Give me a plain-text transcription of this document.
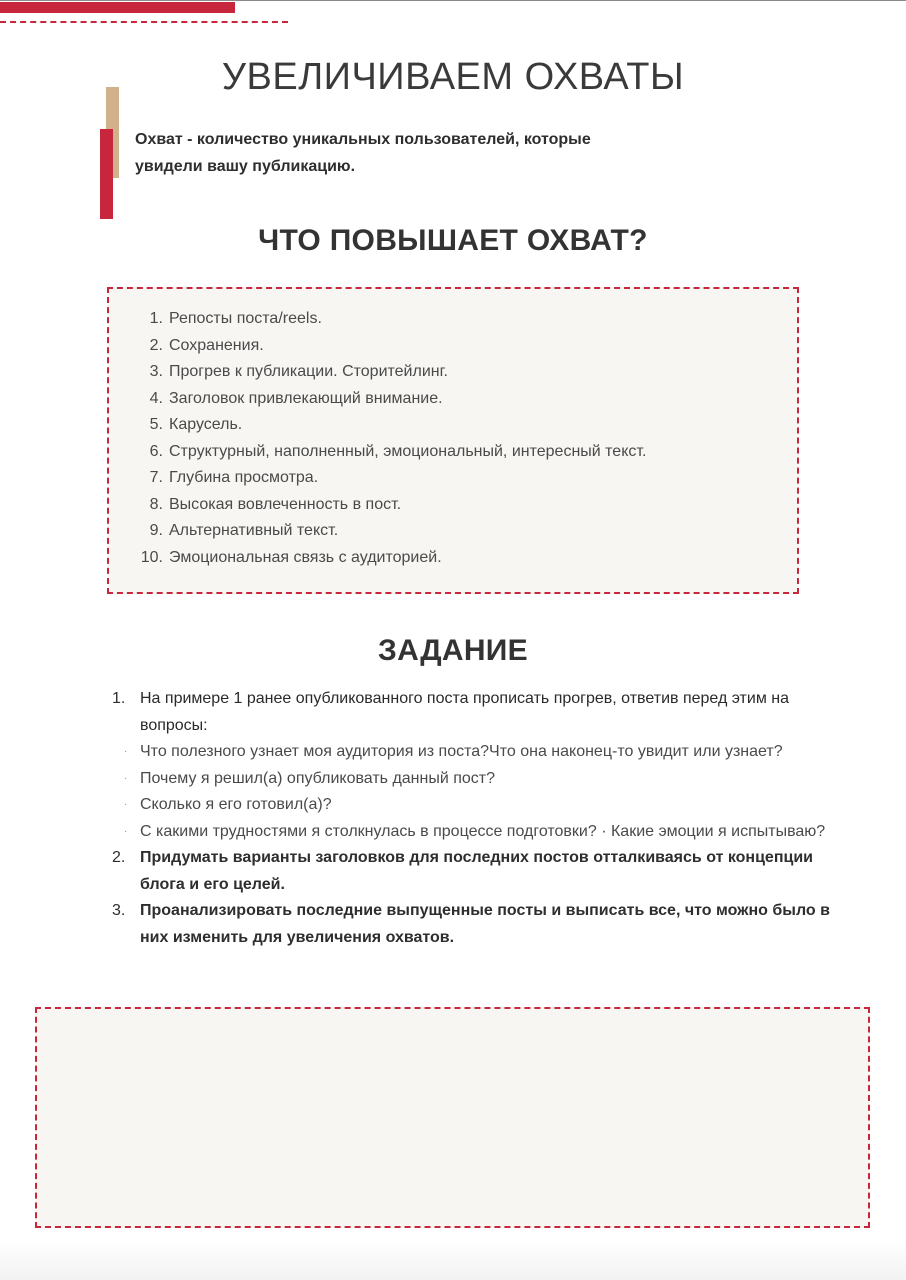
УВЕЛИЧИВАЕМ ОХВАТЫ

Охват - количество уникальных пользователей, которые
увидели вашу публикацию.

ЧТО ПОВЫШАЕТ ОХВАТ?
1. Репосты поста/reels.
2. Сохранения.
3. Прогрев к публикации. Сторитейлинг.
4. Заголовок привлекающий внимание.
5. Карусель.
6. Структурный, наполненный, эмоциональный, интересный текст.
7. Глубина просмотра.
8. Высокая вовлеченность в пост.
9. Альтернативный текст.
10. Эмоциональная связь с аудиторией.
ЗАДАНИЕ
1. На примере 1 ранее опубликованного поста прописать прогрев, ответив перед этим на вопросы:
· Что полезного узнает моя аудитория из поста?Что она наконец-то увидит или узнает?
· Почему я решил(а) опубликовать данный пост?
· Сколько я его готовил(а)?
· С какими трудностями я столкнулась в процессе подготовки? · Какие эмоции я испытываю?
2. Придумать варианты заголовков для последних постов отталкиваясь от концепции блога и его целей.
3. Проанализировать последние выпущенные посты и выписать все, что можно было в них изменить для увеличения охватов.
